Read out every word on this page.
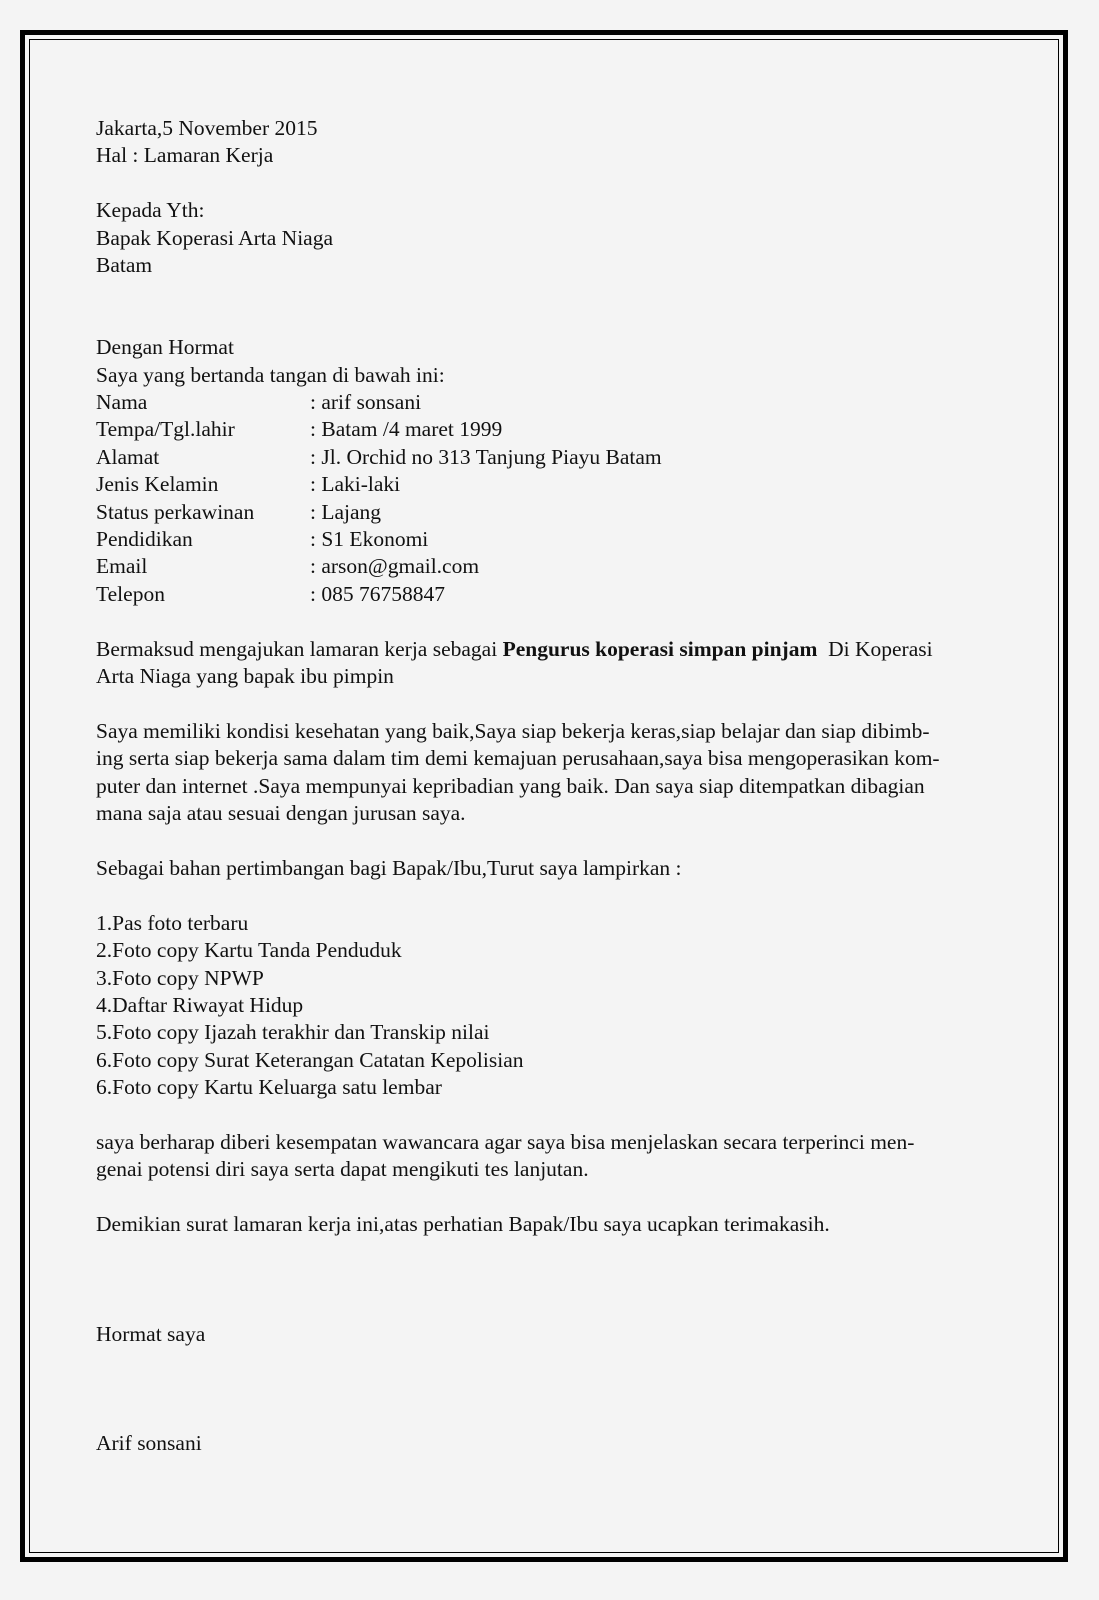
Jakarta,5 November 2015
Hal : Lamaran Kerja
Kepada Yth:
Bapak Koperasi Arta Niaga
Batam
Dengan Hormat
Saya yang bertanda tangan di bawah ini:
Nama	: arif sonsani
Tempa/Tgl.lahir	: Batam /4 maret 1999
Alamat	: Jl. Orchid no 313 Tanjung Piayu Batam
Jenis Kelamin	: Laki-laki
Status perkawinan	: Lajang
Pendidikan	: S1 Ekonomi
Email	: arson@gmail.com
Telepon	: 085 76758847
Bermaksud mengajukan lamaran kerja sebagai Pengurus koperasi simpan pinjam  Di Koperasi
Arta Niaga yang bapak ibu pimpin
Saya memiliki kondisi kesehatan yang baik,Saya siap bekerja keras,siap belajar dan siap dibimb-
ing serta siap bekerja sama dalam tim demi kemajuan perusahaan,saya bisa mengoperasikan kom-
puter dan internet .Saya mempunyai kepribadian yang baik. Dan saya siap ditempatkan dibagian
mana saja atau sesuai dengan jurusan saya.
Sebagai bahan pertimbangan bagi Bapak/Ibu,Turut saya lampirkan :
1.Pas foto terbaru
2.Foto copy Kartu Tanda Penduduk
3.Foto copy NPWP
4.Daftar Riwayat Hidup
5.Foto copy Ijazah terakhir dan Transkip nilai
6.Foto copy Surat Keterangan Catatan Kepolisian
6.Foto copy Kartu Keluarga satu lembar
saya berharap diberi kesempatan wawancara agar saya bisa menjelaskan secara terperinci men-
genai potensi diri saya serta dapat mengikuti tes lanjutan.
Demikian surat lamaran kerja ini,atas perhatian Bapak/Ibu saya ucapkan terimakasih.
Hormat saya
Arif sonsani
